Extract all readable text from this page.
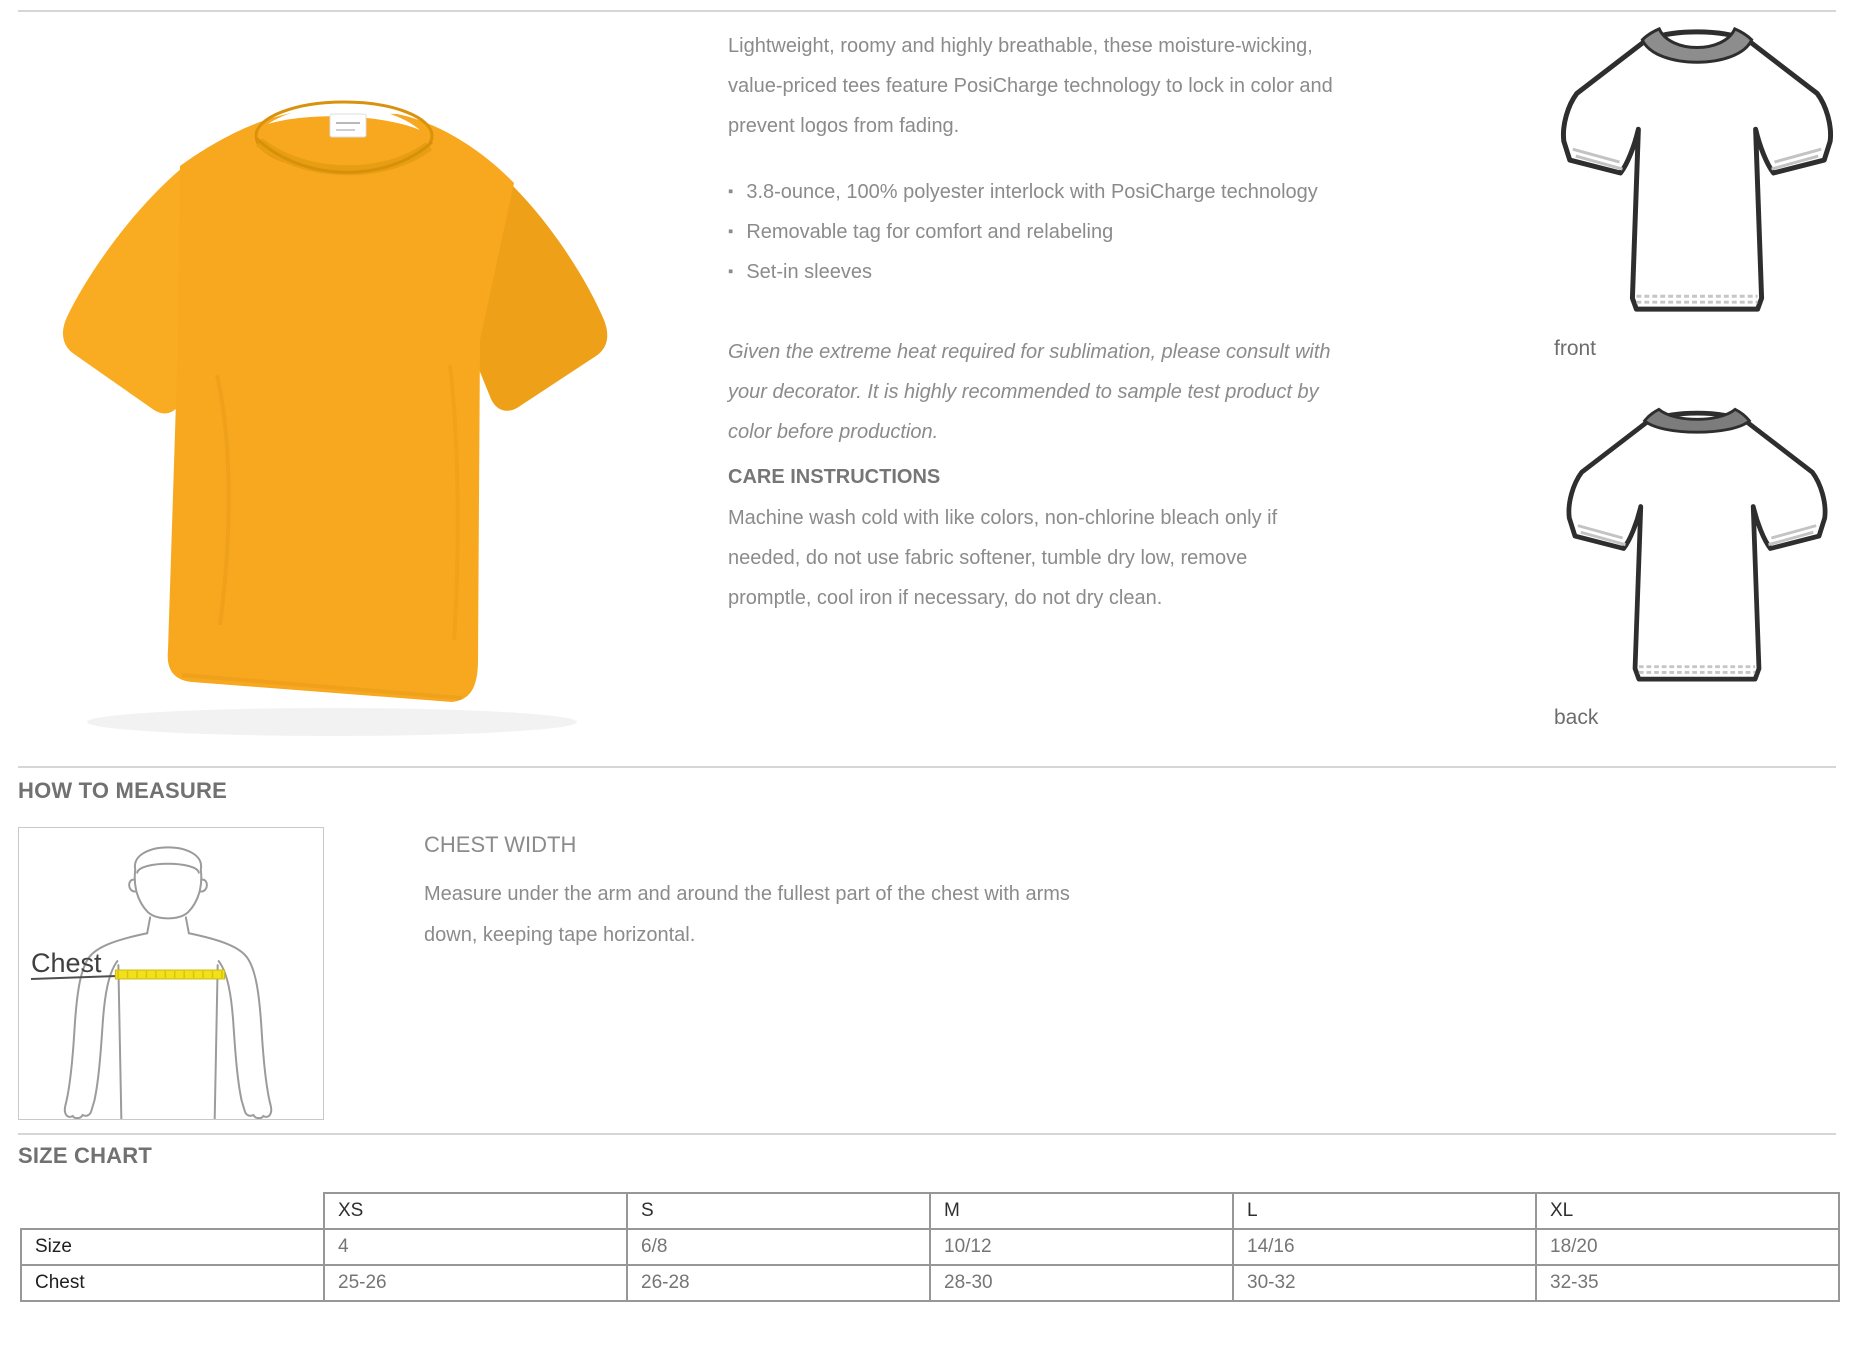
Lightweight, roomy and highly breathable, these moisture-wicking, value-priced tees feature PosiCharge technology to lock in color and prevent logos from fading.

▪ 3.8-ounce, 100% polyester interlock with PosiCharge technology
▪ Removable tag for comfort and relabeling
▪ Set-in sleeves

Given the extreme heat required for sublimation, please consult with your decorator. It is highly recommended to sample test product by color before production.

CARE INSTRUCTIONS

Machine wash cold with like colors, non-chlorine bleach only if needed, do not use fabric softener, tumble dry low, remove promptle, cool iron if necessary, do not dry clean.

front
back
HOW TO MEASURE
Chest
CHEST WIDTH

Measure under the arm and around the fullest part of the chest with arms down, keeping tape horizontal.

SIZE CHART
	XS	S	M	L	XL
Size	4	6/8	10/12	14/16	18/20
Chest	25-26	26-28	28-30	30-32	32-35
